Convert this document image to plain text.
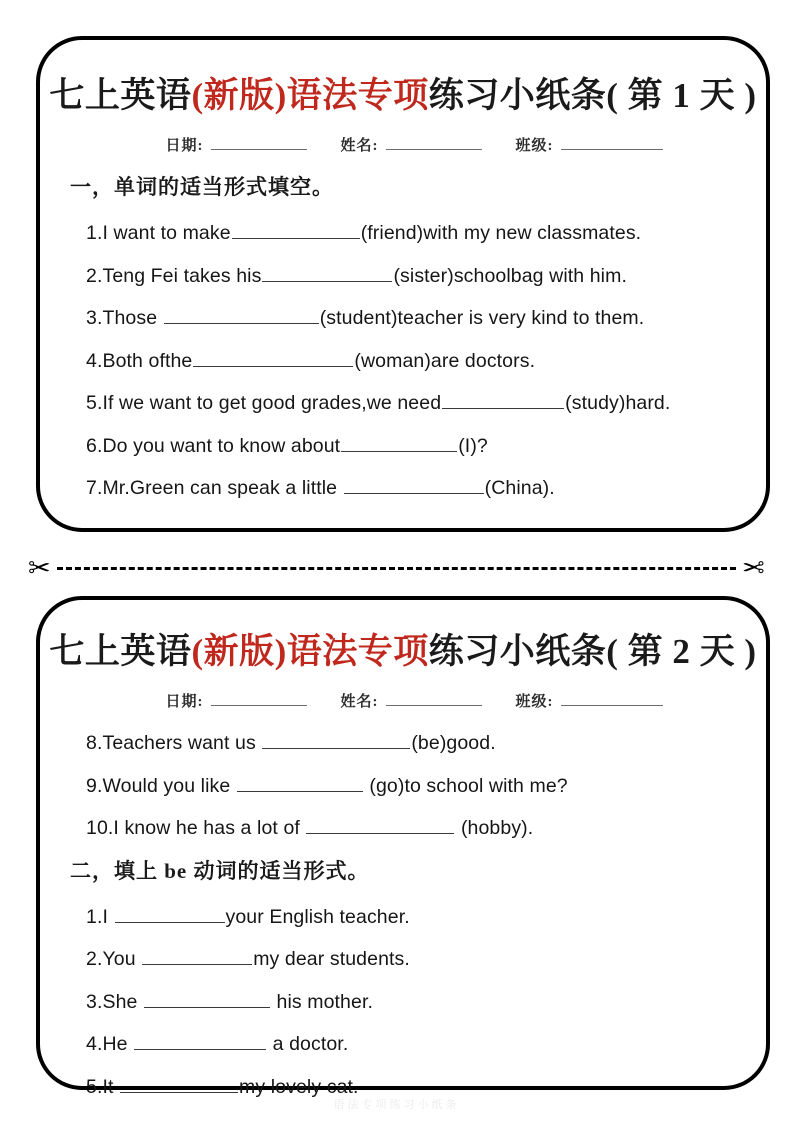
七上英语(新版)语法专项练习小纸条( 第 1 天 )
日期:	姓名:	班级:
一，单词的适当形式填空。
1.I want to make	(friend)with my new classmates.
2.Teng Fei takes his	(sister)schoolbag with him.
3.Those	(student)teacher is very kind to them.
4.Both ofthe	(woman)are doctors.
5.If we want to get good grades,we need	(study)hard.
6.Do you want to know about	(I)?
7.Mr.Green can speak a little	(China).
✂	✂
七上英语(新版)语法专项练习小纸条( 第 2 天 )
日期:	姓名:	班级:
8.Teachers want us	(be)good.
9.Would you like	(go)to school with me?
10.I know he has a lot of	(hobby).
二，填上 be 动词的适当形式。
1.I	your English teacher.
2.You	my dear students.
3.She	his mother.
4.He	a doctor.
5.It	my lovely cat.
语法专项练习小纸条
